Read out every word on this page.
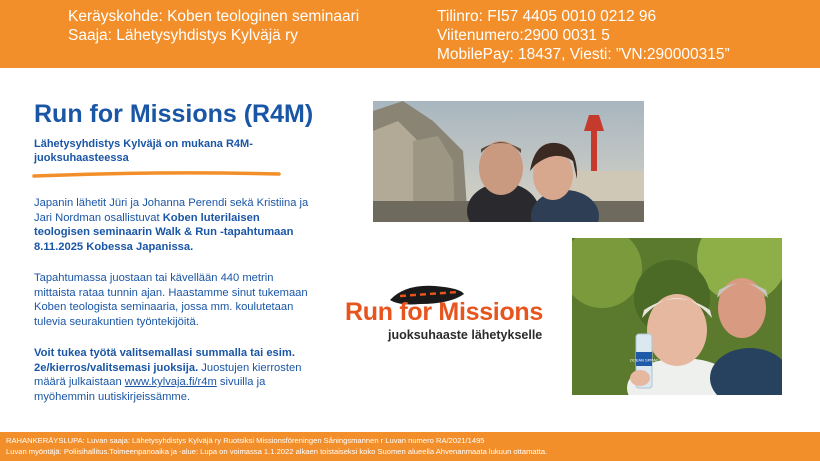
Keräyskohde: Koben teologinen seminaari
Saaja: Lähetysyhdistys Kylväjä ry
Tilinro: FI57 4405 0010 0212 96
Viitenumero:2900 0031 5
MobilePay: 18437, Viesti: ”VN:290000315”
Run for Missions (R4M)
Lähetysyhdistys Kylväjä on mukana R4M-juoksuhaasteessa
Japanin lähetit Jüri ja Johanna Perendi sekä Kristiina ja Jari Nordman osallistuvat Koben luterilaisen teologisen seminaarin Walk & Run -tapahtumaan 8.11.2025 Kobessa Japanissa.
Tapahtumassa juostaan tai kävellään 440 metrin mittaista rataa tunnin ajan. Haastamme sinut tukemaan Koben teologista seminaaria, jossa mm. koulutetaan tulevia seurakuntien työntekijöitä.
Voit tukea työtä valitsemallasi summalla tai esim. 2e/kierros/valitsemasi juoksija. Juostujen kierrosten määrä julkaistaan www.kylvaja.fi/r4m sivuilla ja myöhemmin uutiskirjeissämme.
OCEAN SPRAY
Run for Missions
juoksuhaaste lähetykselle
RAHANKERÄYSLUPA: Luvan saaja: Lähetysyhdistys Kylväjä ry Ruotsiksi Missionsföreningen Såningsmannen r Luvan numero RA/2021/1495
Luvan myöntäjä: Poliisihallitus.Toimeenpanoaika ja -alue: Lupa on voimassa 1.1.2022 alkaen toistaiseksi koko Suomen alueella Ahvenanmaata lukuun ottamatta.
